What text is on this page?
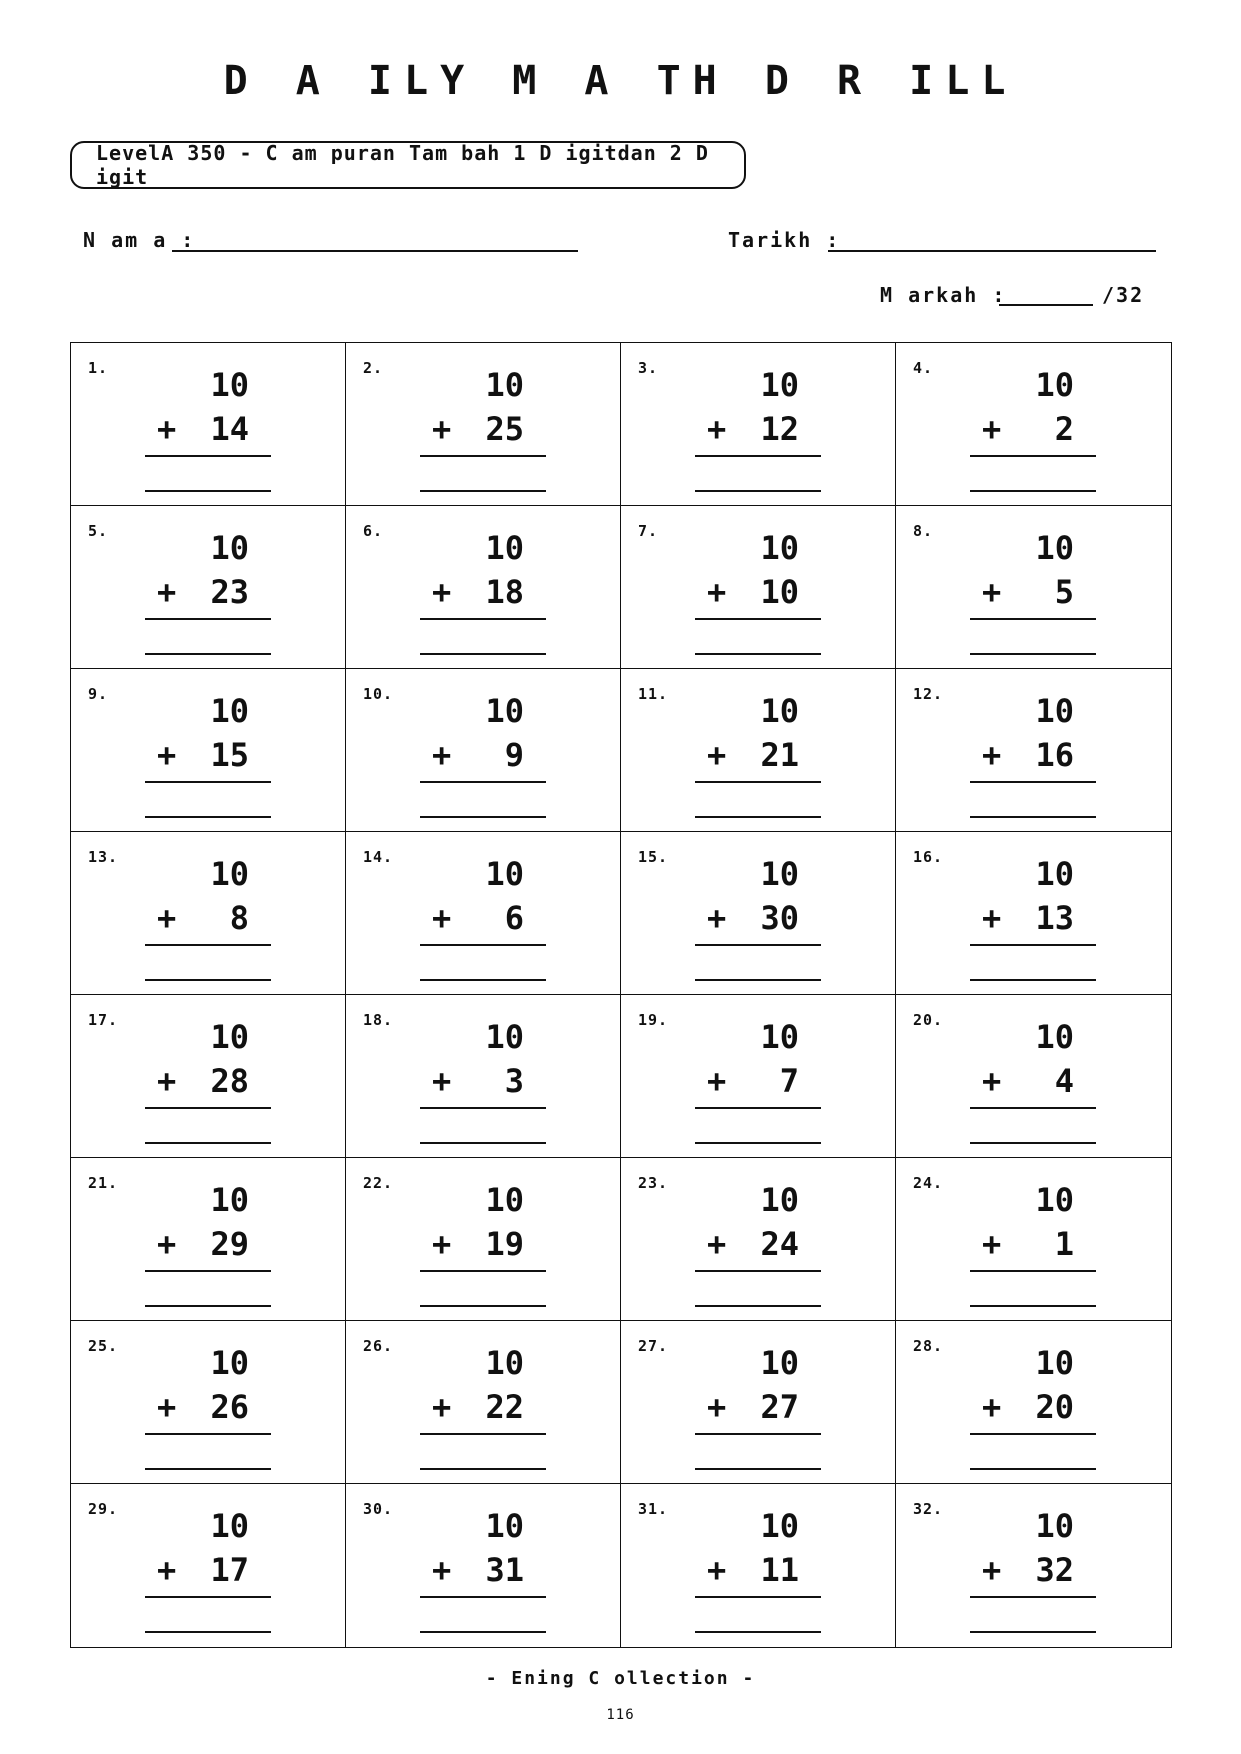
D A ILY M A TH D R ILL
LevelA 350 - C am puran Tam bah 1 D igitdan 2 D igit
N am a :	Tarikh :
M arkah :	/32
1.	10
+	14
2.	10
+	25
3.	10
+	12
4.	10
+	2
5.	10
+	23
6.	10
+	18
7.	10
+	10
8.	10
+	5
9.	10
+	15
10.	10
+	9
11.	10
+	21
12.	10
+	16
13.	10
+	8
14.	10
+	6
15.	10
+	30
16.	10
+	13
17.	10
+	28
18.	10
+	3
19.	10
+	7
20.	10
+	4
21.	10
+	29
22.	10
+	19
23.	10
+	24
24.	10
+	1
25.	10
+	26
26.	10
+	22
27.	10
+	27
28.	10
+	20
29.	10
+	17
30.	10
+	31
31.	10
+	11
32.	10
+	32
- Ening C ollection -
116
